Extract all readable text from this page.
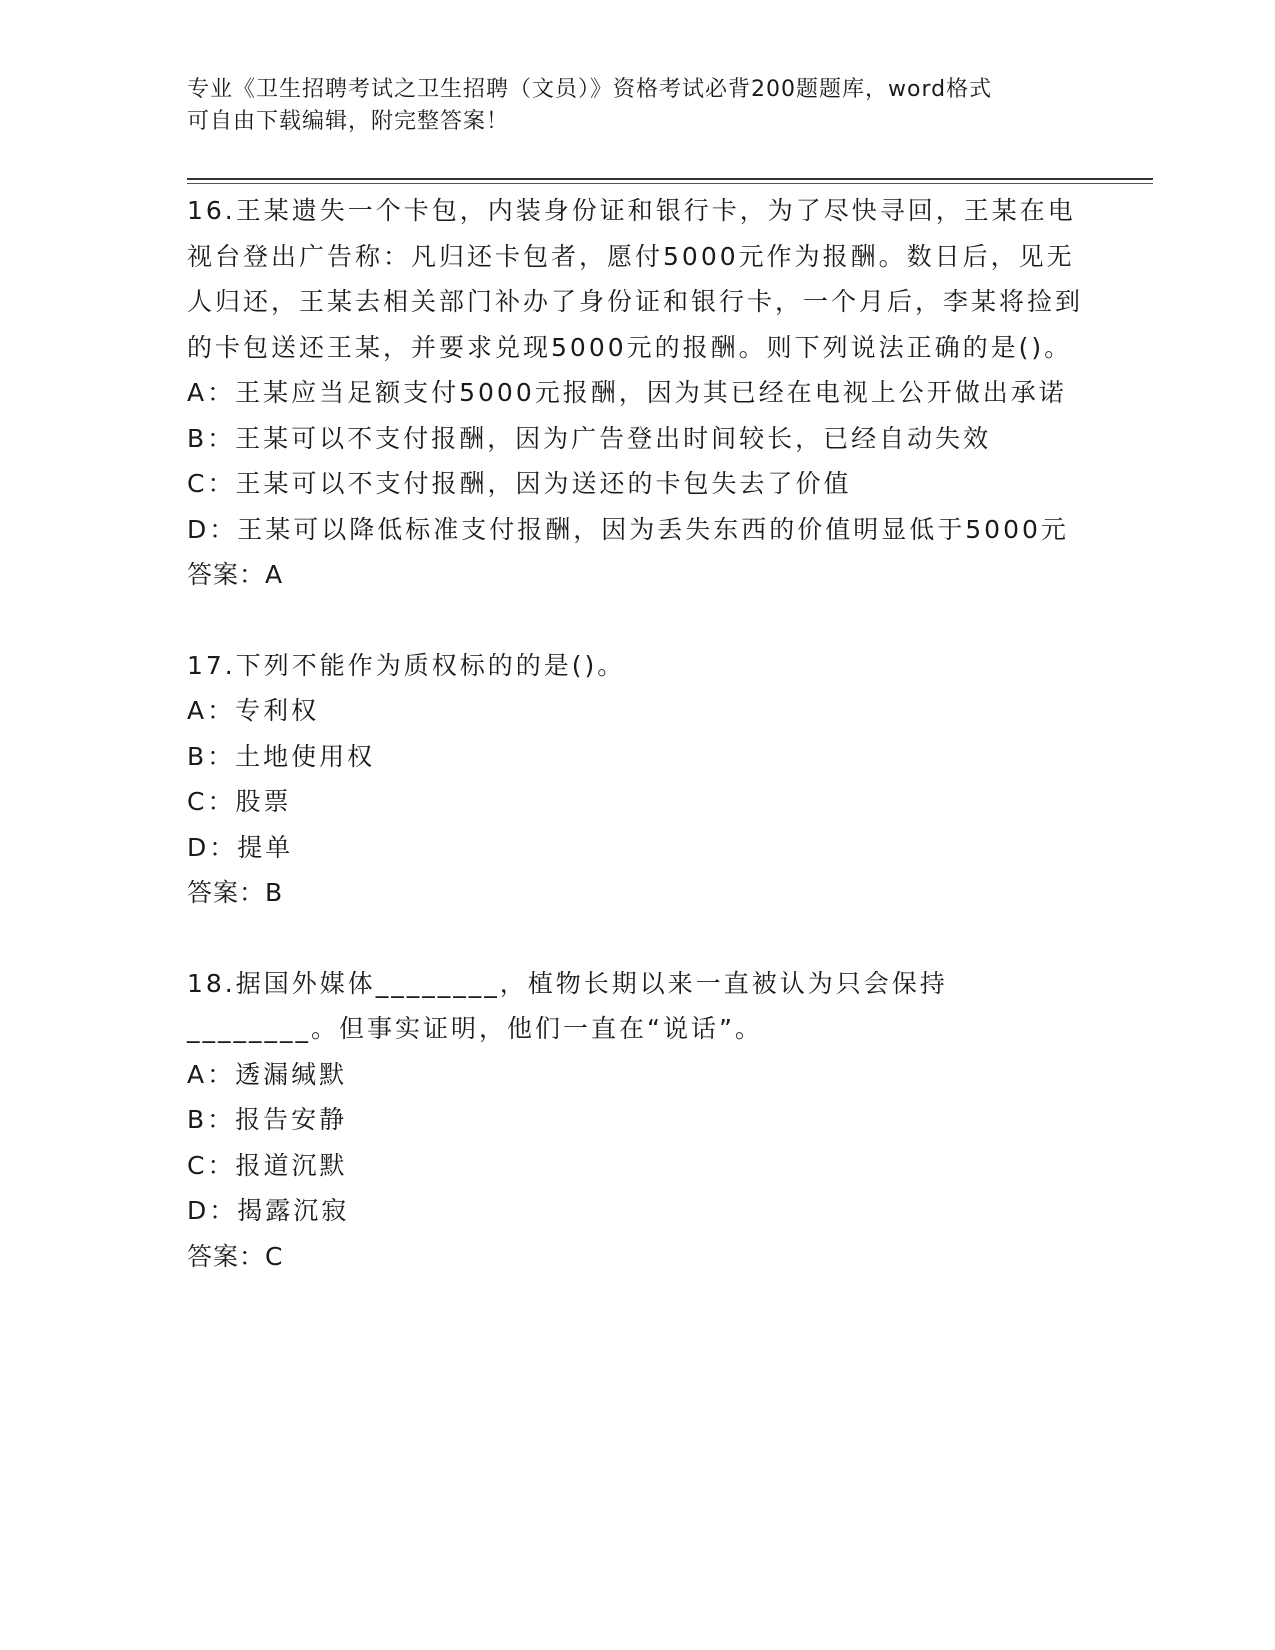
专业《卫生招聘考试之卫生招聘（文员）》资格考试必背200题题库，word格式
可自由下载编辑，附完整答案！
16.王某遗失一个卡包，内装身份证和银行卡，为了尽快寻回，王某在电视台登出广告称：凡归还卡包者，愿付5000元作为报酬。数日后，见无人归还，王某去相关部门补办了身份证和银行卡，一个月后，李某将捡到的卡包送还王某，并要求兑现5000元的报酬。则下列说法正确的是()。
A：王某应当足额支付5000元报酬，因为其已经在电视上公开做出承诺
B：王某可以不支付报酬，因为广告登出时间较长，已经自动失效
C：王某可以不支付报酬，因为送还的卡包失去了价值
D：王某可以降低标准支付报酬，因为丢失东西的价值明显低于5000元
答案：A
17.下列不能作为质权标的的是()。
A：专利权
B：土地使用权
C：股票
D：提单
答案：B
18.据国外媒体________，植物长期以来一直被认为只会保持________。但事实证明，他们一直在“说话”。
A：透漏缄默
B：报告安静
C：报道沉默
D：揭露沉寂
答案：C
